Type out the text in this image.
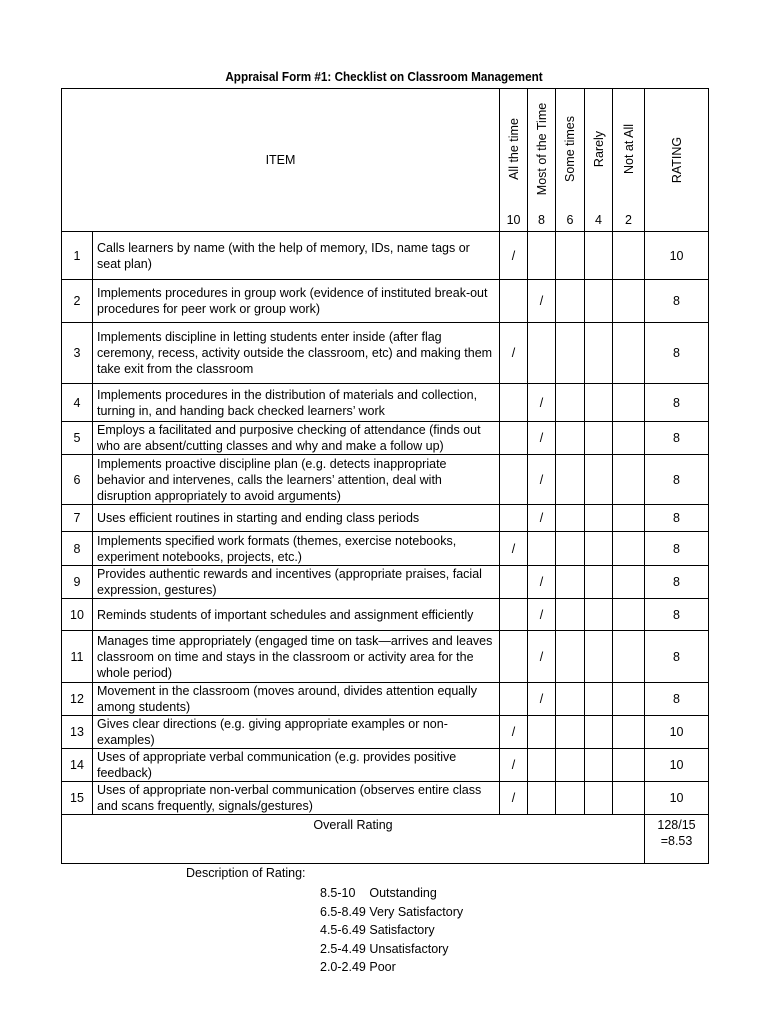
Appraisal Form #1: Checklist on Classroom Management
ITEM		All the time	Most of the Time	Some times	Rarely	Not at All	RATING

		10	8	6	4	2	
1	Calls learners by name (with the help of memory, IDs, name tags or seat plan)	/					10
2	Implements procedures in group work (evidence of instituted break-out procedures for peer work or group work)		/				8
3	Implements discipline in letting students enter inside (after flag ceremony, recess, activity outside the classroom, etc) and making them take exit from the classroom	/					8
4	Implements procedures in the distribution of materials and collection, turning in, and handing back checked learners’ work		/				8
5	Employs a facilitated and purposive checking of attendance (finds out who are absent/cutting classes and why and make a follow up)		/				8
6	Implements proactive discipline plan (e.g. detects inappropriate behavior and intervenes, calls the learners’ attention, deal with disruption appropriately to avoid arguments)		/				8
7	Uses efficient routines in starting and ending class periods		/				8
8	Implements specified work formats (themes, exercise notebooks, experiment notebooks, projects, etc.)	/					8
9	Provides authentic rewards and incentives (appropriate praises, facial expression, gestures)		/				8
10	Reminds students of important schedules and assignment efficiently		/				8
11	Manages time appropriately (engaged time on task—arrives and leaves classroom on time and stays in the classroom or activity area for the whole period)		/				8
12	Movement in the classroom (moves around, divides attention equally among students)		/				8
13	Gives clear directions (e.g. giving appropriate examples or non-examples)	/					10
14	Uses of appropriate verbal communication (e.g. provides positive feedback)	/					10
15	Uses of appropriate non-verbal communication (observes entire class and scans frequently, signals/gestures)	/					10
Overall Rating							128/15
=8.53
Description of Rating:
8.5-10 Outstanding
6.5-8.49 Very Satisfactory
4.5-6.49 Satisfactory
2.5-4.49 Unsatisfactory
2.0-2.49 Poor
